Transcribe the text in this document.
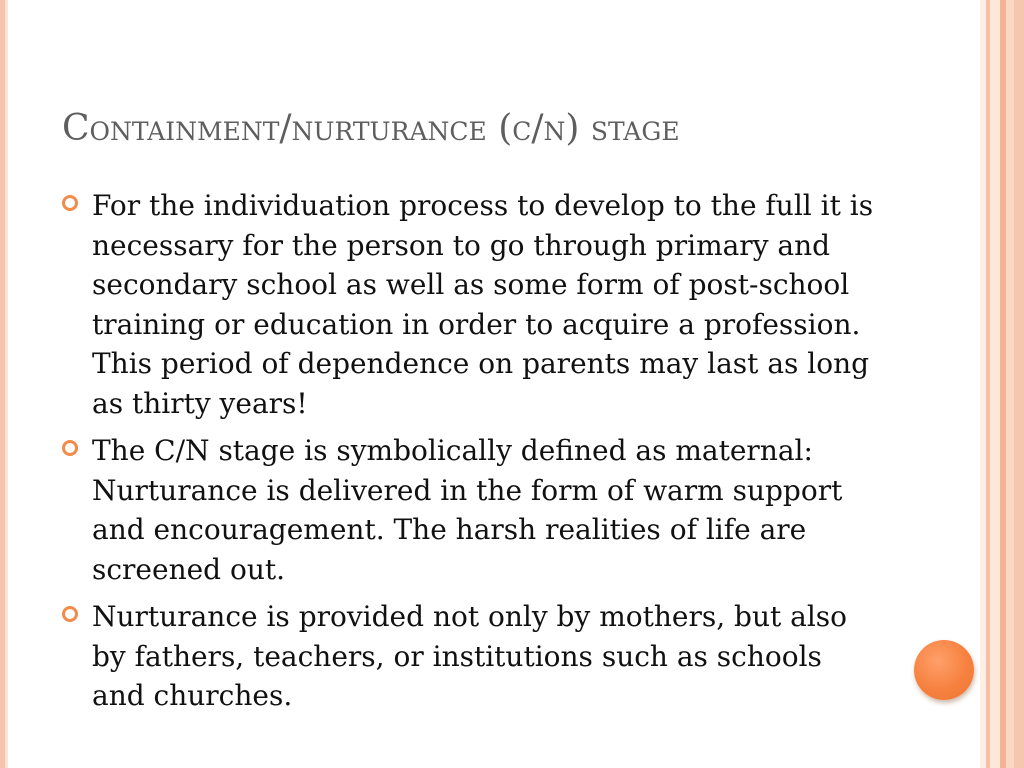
Containment/nurturance (c/n) stage
For the individuation process to develop to the full it is necessary for the person to go through primary and secondary school as well as some form of post-school training or education in order to acquire a profession. This period of dependence on parents may last as long as thirty years!
The C/N stage is symbolically defined as maternal: Nurturance is delivered in the form of warm support and encouragement. The harsh realities of life are screened out.
Nurturance is provided not only by mothers, but also by fathers, teachers, or institutions such as schools and churches.
